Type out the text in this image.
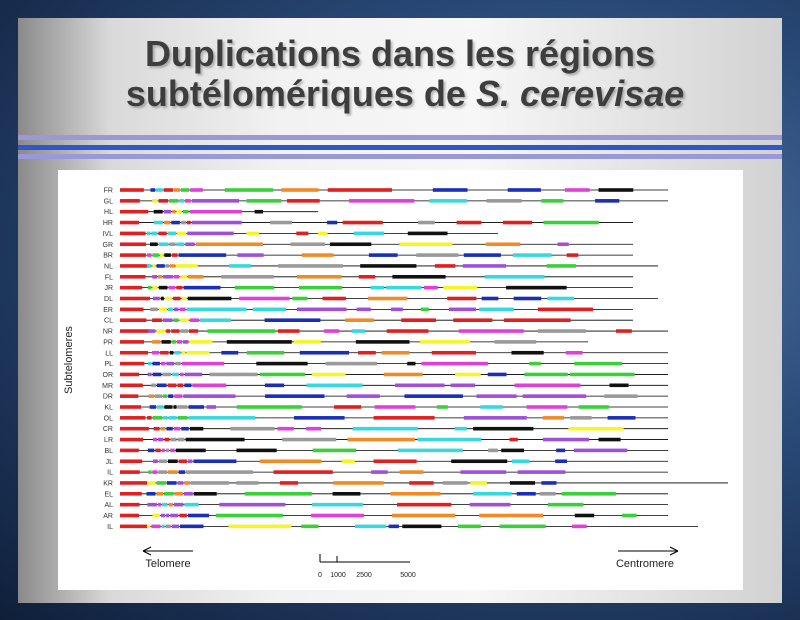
Duplications dans les régions

subtélomériques de S. cerevisae
Subtelomeres
FR
GL
HL
HR
IVL
GR
BR
NL
FL
JR
DL
ER
CL
NR
PR
LL
PL
OR
MR
DR
KL
OL
CR
LR
BL
JL
IL
KR
EL
AL
AR
IL
Telomere	Centromere
0 1000 2500	5000
